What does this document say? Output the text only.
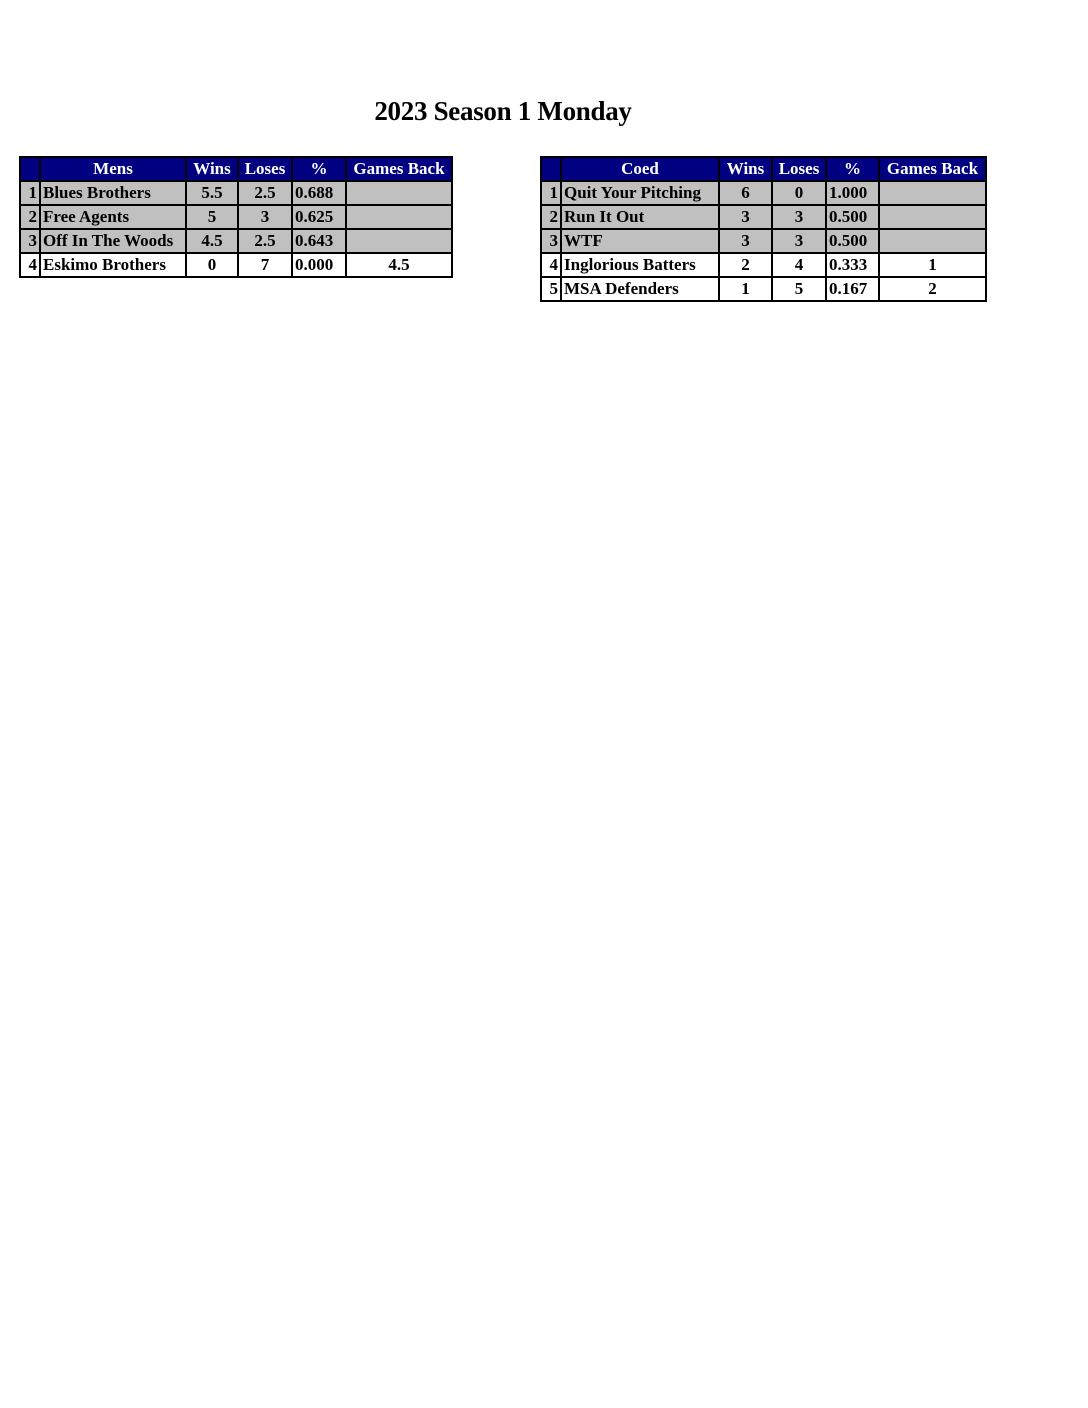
2023 Season 1 Monday
	Mens	Wins	Loses	%	Games Back
1	Blues Brothers	5.5	2.5	0.688	
2	Free Agents	5	3	0.625	
3	Off In The Woods	4.5	2.5	0.643	
4	Eskimo Brothers	0	7	0.000	4.5
	Coed	Wins	Loses	%	Games Back
1	Quit Your Pitching	6	0	1.000	
2	Run It Out	3	3	0.500	
3	WTF	3	3	0.500	
4	Inglorious Batters	2	4	0.333	1
5	MSA Defenders	1	5	0.167	2
